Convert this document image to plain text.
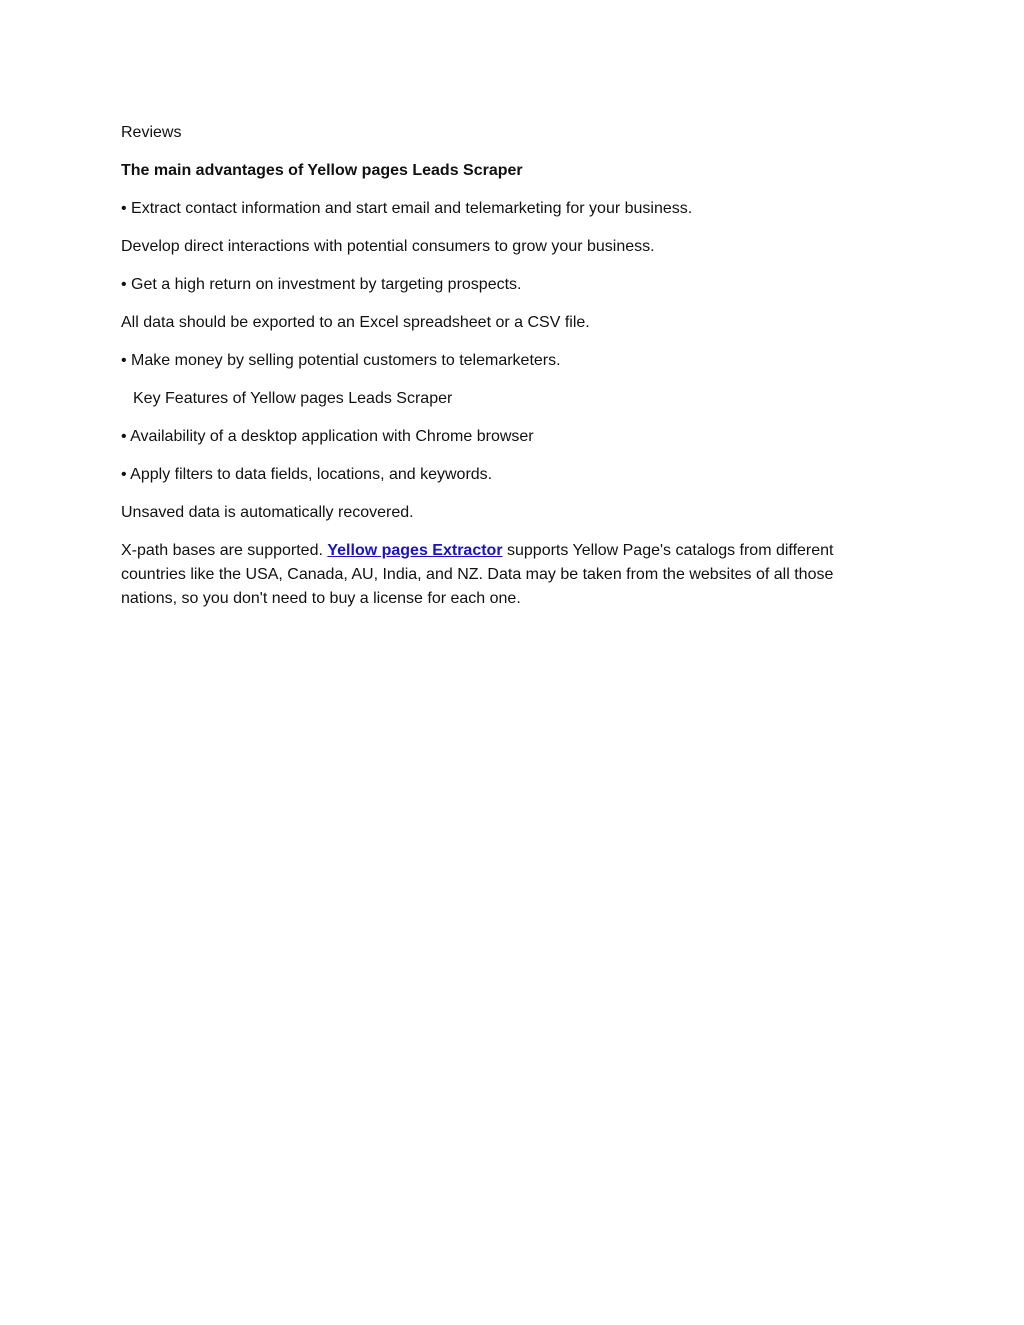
Reviews

The main advantages of Yellow pages Leads Scraper

• Extract contact information and start email and telemarketing for your business.

Develop direct interactions with potential consumers to grow your business.

• Get a high return on investment by targeting prospects.

All data should be exported to an Excel spreadsheet or a CSV file.

• Make money by selling potential customers to telemarketers.

Key Features of Yellow pages Leads Scraper

• Availability of a desktop application with Chrome browser

• Apply filters to data fields, locations, and keywords.

Unsaved data is automatically recovered.

X-path bases are supported. Yellow pages Extractor supports Yellow Page's catalogs from different countries like the USA, Canada, AU, India, and NZ. Data may be taken from the websites of all those nations, so you don't need to buy a license for each one.
